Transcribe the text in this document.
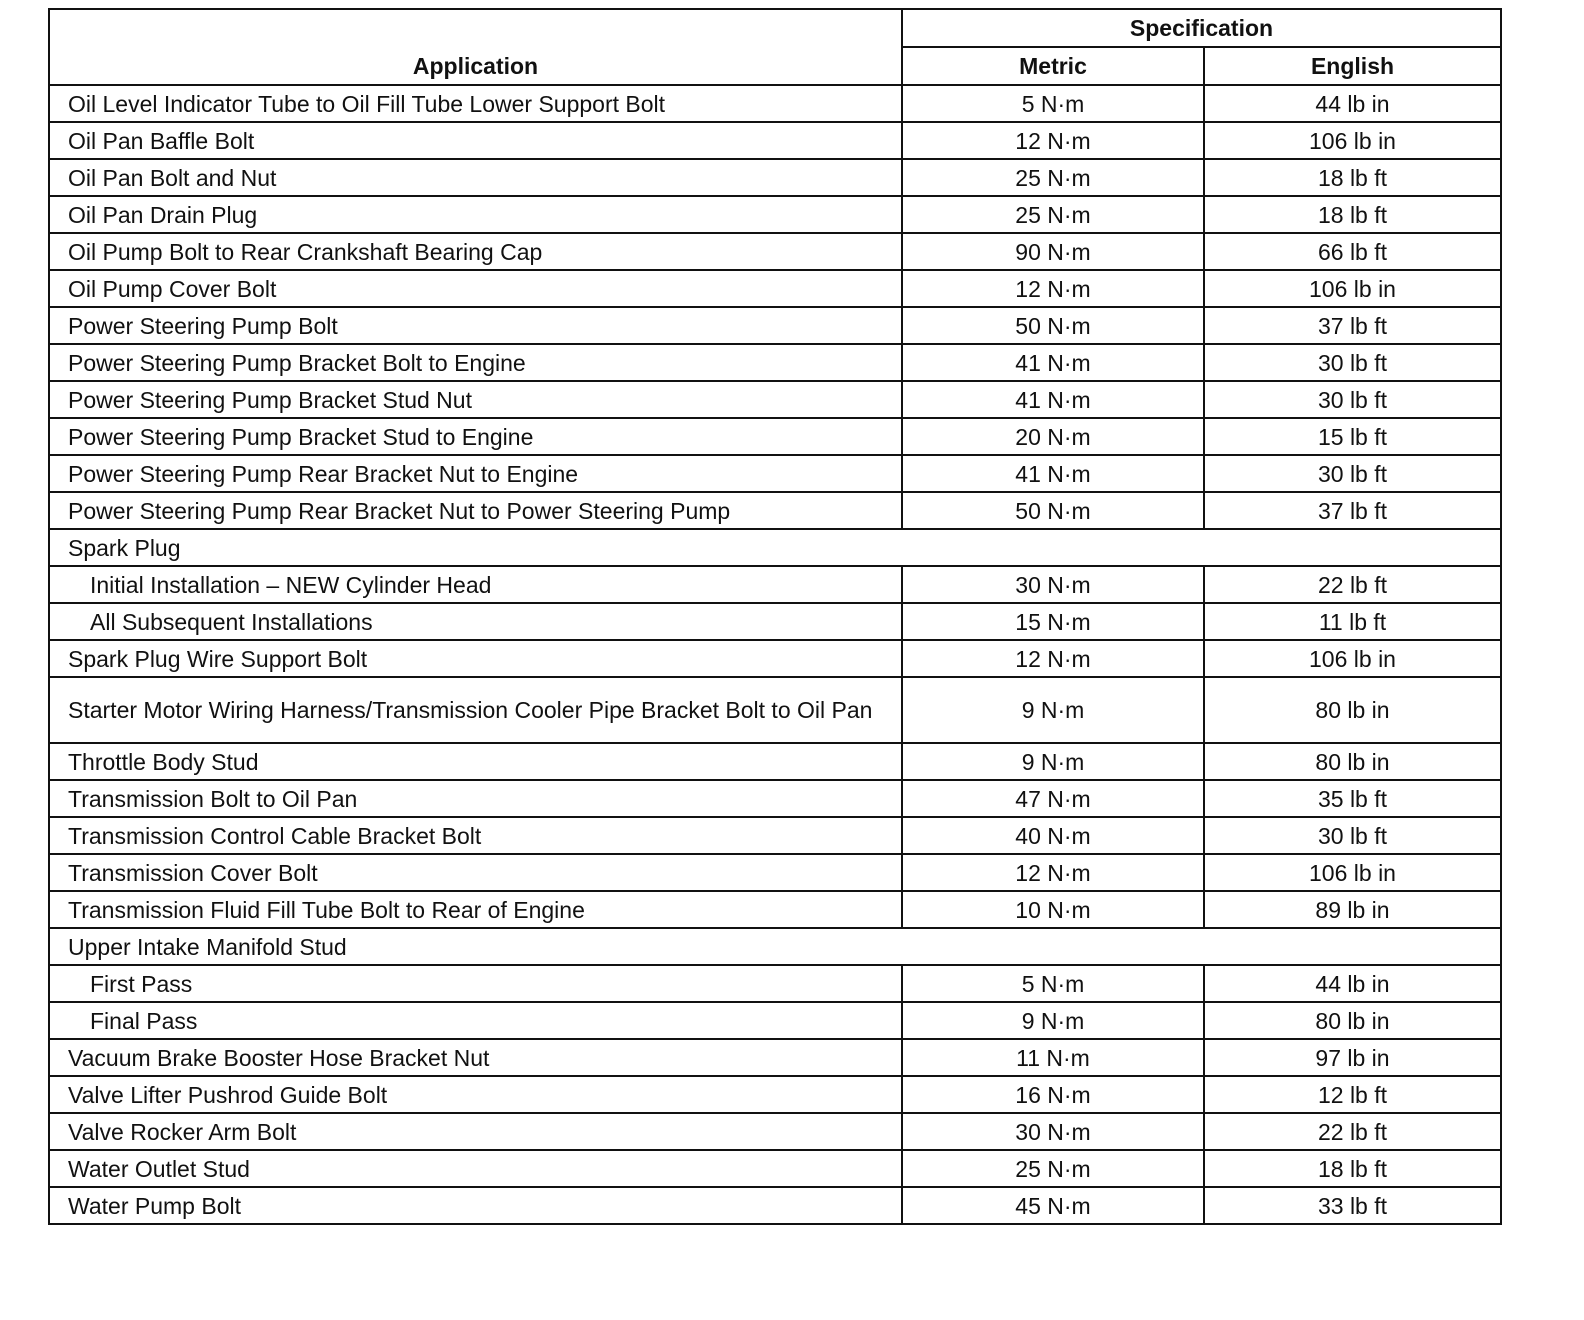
Application	Specification	
	Metric	English
Oil Level Indicator Tube to Oil Fill Tube Lower Support Bolt	5 N·m	44 lb in
Oil Pan Baffle Bolt	12 N·m	106 lb in
Oil Pan Bolt and Nut	25 N·m	18 lb ft
Oil Pan Drain Plug	25 N·m	18 lb ft
Oil Pump Bolt to Rear Crankshaft Bearing Cap	90 N·m	66 lb ft
Oil Pump Cover Bolt	12 N·m	106 lb in
Power Steering Pump Bolt	50 N·m	37 lb ft
Power Steering Pump Bracket Bolt to Engine	41 N·m	30 lb ft
Power Steering Pump Bracket Stud Nut	41 N·m	30 lb ft
Power Steering Pump Bracket Stud to Engine	20 N·m	15 lb ft
Power Steering Pump Rear Bracket Nut to Engine	41 N·m	30 lb ft
Power Steering Pump Rear Bracket Nut to Power Steering Pump	50 N·m	37 lb ft
Spark Plug		
Initial Installation – NEW Cylinder Head	30 N·m	22 lb ft
All Subsequent Installations	15 N·m	11 lb ft
Spark Plug Wire Support Bolt	12 N·m	106 lb in
Starter Motor Wiring Harness/Transmission Cooler Pipe Bracket Bolt to Oil Pan	9 N·m	80 lb in
Throttle Body Stud	9 N·m	80 lb in
Transmission Bolt to Oil Pan	47 N·m	35 lb ft
Transmission Control Cable Bracket Bolt	40 N·m	30 lb ft
Transmission Cover Bolt	12 N·m	106 lb in
Transmission Fluid Fill Tube Bolt to Rear of Engine	10 N·m	89 lb in
Upper Intake Manifold Stud		
First Pass	5 N·m	44 lb in
Final Pass	9 N·m	80 lb in
Vacuum Brake Booster Hose Bracket Nut	11 N·m	97 lb in
Valve Lifter Pushrod Guide Bolt	16 N·m	12 lb ft
Valve Rocker Arm Bolt	30 N·m	22 lb ft
Water Outlet Stud	25 N·m	18 lb ft
Water Pump Bolt	45 N·m	33 lb ft
